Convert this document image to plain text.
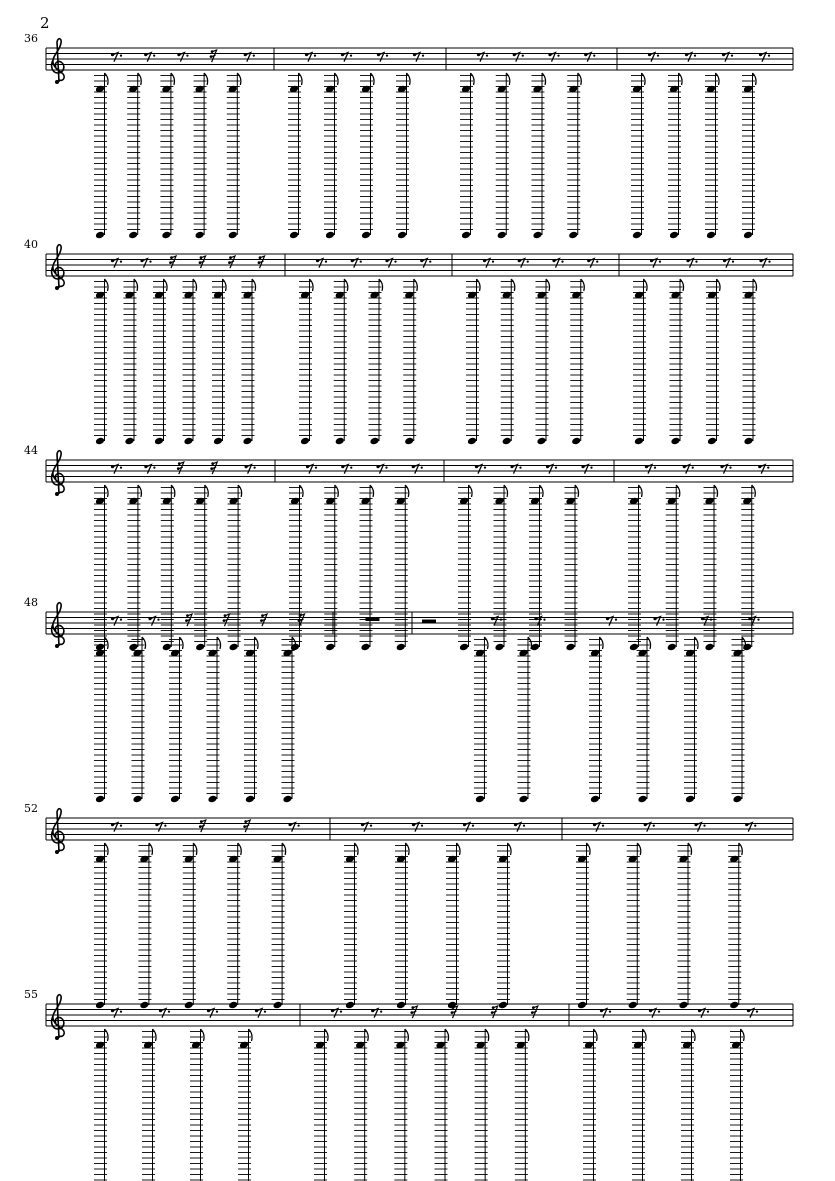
2
36
40
44
48
52
55
